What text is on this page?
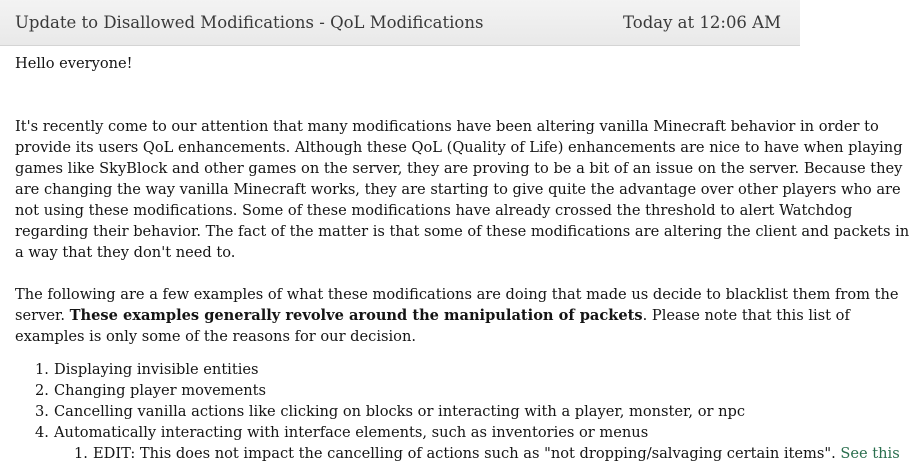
Update to Disallowed Modifications - QoL Modifications	Today at 12:06 AM

Hello everyone!

It's recently come to our attention that many modifications have been altering vanilla Minecraft behavior in order to
provide its users QoL enhancements. Although these QoL (Quality of Life) enhancements are nice to have when playing
games like SkyBlock and other games on the server, they are proving to be a bit of an issue on the server. Because they
are changing the way vanilla Minecraft works, they are starting to give quite the advantage over other players who are
not using these modifications. Some of these modifications have already crossed the threshold to alert Watchdog
regarding their behavior. The fact of the matter is that some of these modifications are altering the client and packets in
a way that they don't need to.

The following are a few examples of what these modifications are doing that made us decide to blacklist them from the
server. These examples generally revolve around the manipulation of packets. Please note that this list of
examples is only some of the reasons for our decision.

1. Displaying invisible entities
2. Changing player movements
3. Cancelling vanilla actions like clicking on blocks or interacting with a player, monster, or npc
4. Automatically interacting with interface elements, such as inventories or menus
1. EDIT: This does not impact the cancelling of actions such as "not dropping/salvaging certain items". See this
